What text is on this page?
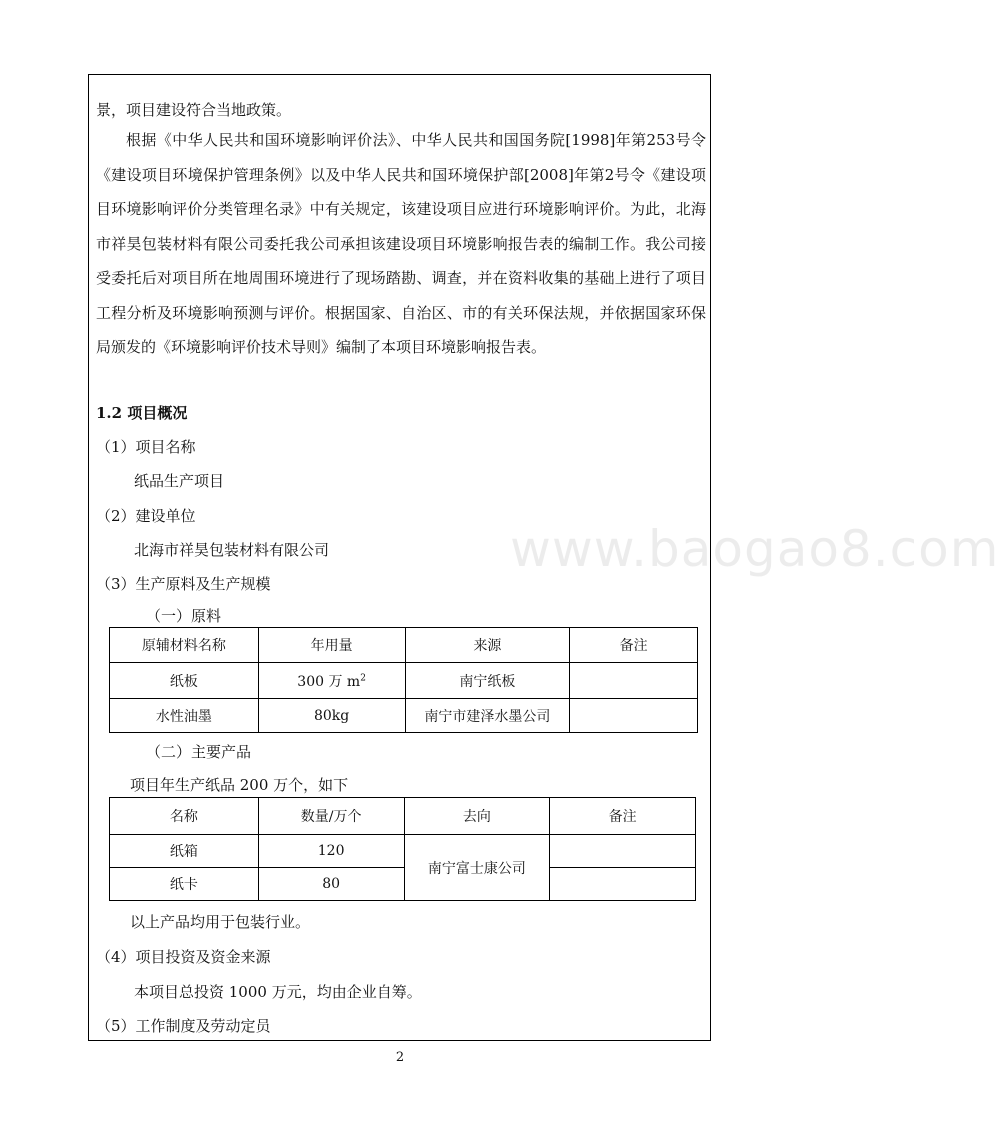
www.baogao8.com
景，项目建设符合当地政策。
根据《中华人民共和国环境影响评价法》、中华人民共和国国务院[1998]年第253号令《建设项目环境保护管理条例》以及中华人民共和国环境保护部[2008]年第2号令《建设项目环境影响评价分类管理名录》中有关规定，该建设项目应进行环境影响评价。为此，北海市祥昊包装材料有限公司委托我公司承担该建设项目环境影响报告表的编制工作。我公司接受委托后对项目所在地周围环境进行了现场踏勘、调查，并在资料收集的基础上进行了项目工程分析及环境影响预测与评价。根据国家、自治区、市的有关环保法规，并依据国家环保局颁发的《环境影响评价技术导则》编制了本项目环境影响报告表。
1.2 项目概况
（1）项目名称
纸品生产项目
（2）建设单位
北海市祥昊包装材料有限公司
（3）生产原料及生产规模
（一）原料
原辅材料名称	年用量	来源	备注
纸板	300 万 $m^2$	南宁纸板	
水性油墨	80kg	南宁市建泽水墨公司	
（二）主要产品
项目年生产纸品 200 万个，如下
名称	数量/万个	去向	备注
纸箱	120	南宁富士康公司	
纸卡	80		
以上产品均用于包装行业。
（4）项目投资及资金来源
本项目总投资 1000 万元，均由企业自筹。
（5）工作制度及劳动定员
2
